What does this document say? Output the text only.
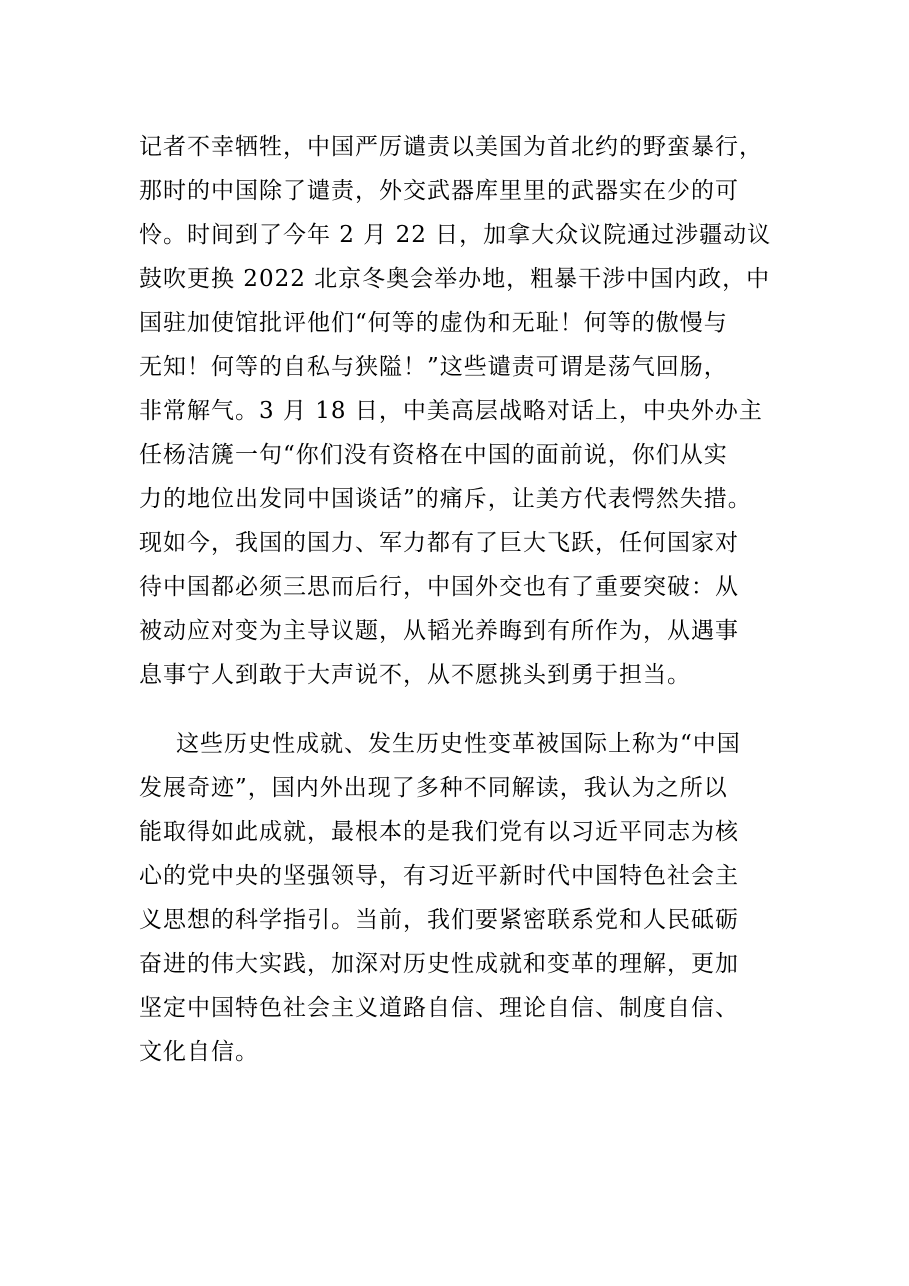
记者不幸牺牲，中国严厉谴责以美国为首北约的野蛮暴行，
那时的中国除了谴责，外交武器库里里的武器实在少的可
怜。时间到了今年 2 月 22 日，加拿大众议院通过涉疆动议
鼓吹更换 2022 北京冬奥会举办地，粗暴干涉中国内政，中
国驻加使馆批评他们“何等的虚伪和无耻！何等的傲慢与
无知！何等的自私与狭隘！”这些谴责可谓是荡气回肠，
非常解气。3 月 18 日，中美高层战略对话上，中央外办主
任杨洁篪一句“你们没有资格在中国的面前说，你们从实
力的地位出发同中国谈话”的痛斥，让美方代表愕然失措。
现如今，我国的国力、军力都有了巨大飞跃，任何国家对
待中国都必须三思而后行，中国外交也有了重要突破：从
被动应对变为主导议题，从韬光养晦到有所作为，从遇事
息事宁人到敢于大声说不，从不愿挑头到勇于担当。
这些历史性成就、发生历史性变革被国际上称为“中国
发展奇迹”，国内外出现了多种不同解读，我认为之所以
能取得如此成就，最根本的是我们党有以习近平同志为核
心的党中央的坚强领导，有习近平新时代中国特色社会主
义思想的科学指引。当前，我们要紧密联系党和人民砥砺
奋进的伟大实践，加深对历史性成就和变革的理解，更加
坚定中国特色社会主义道路自信、理论自信、制度自信、
文化自信。
